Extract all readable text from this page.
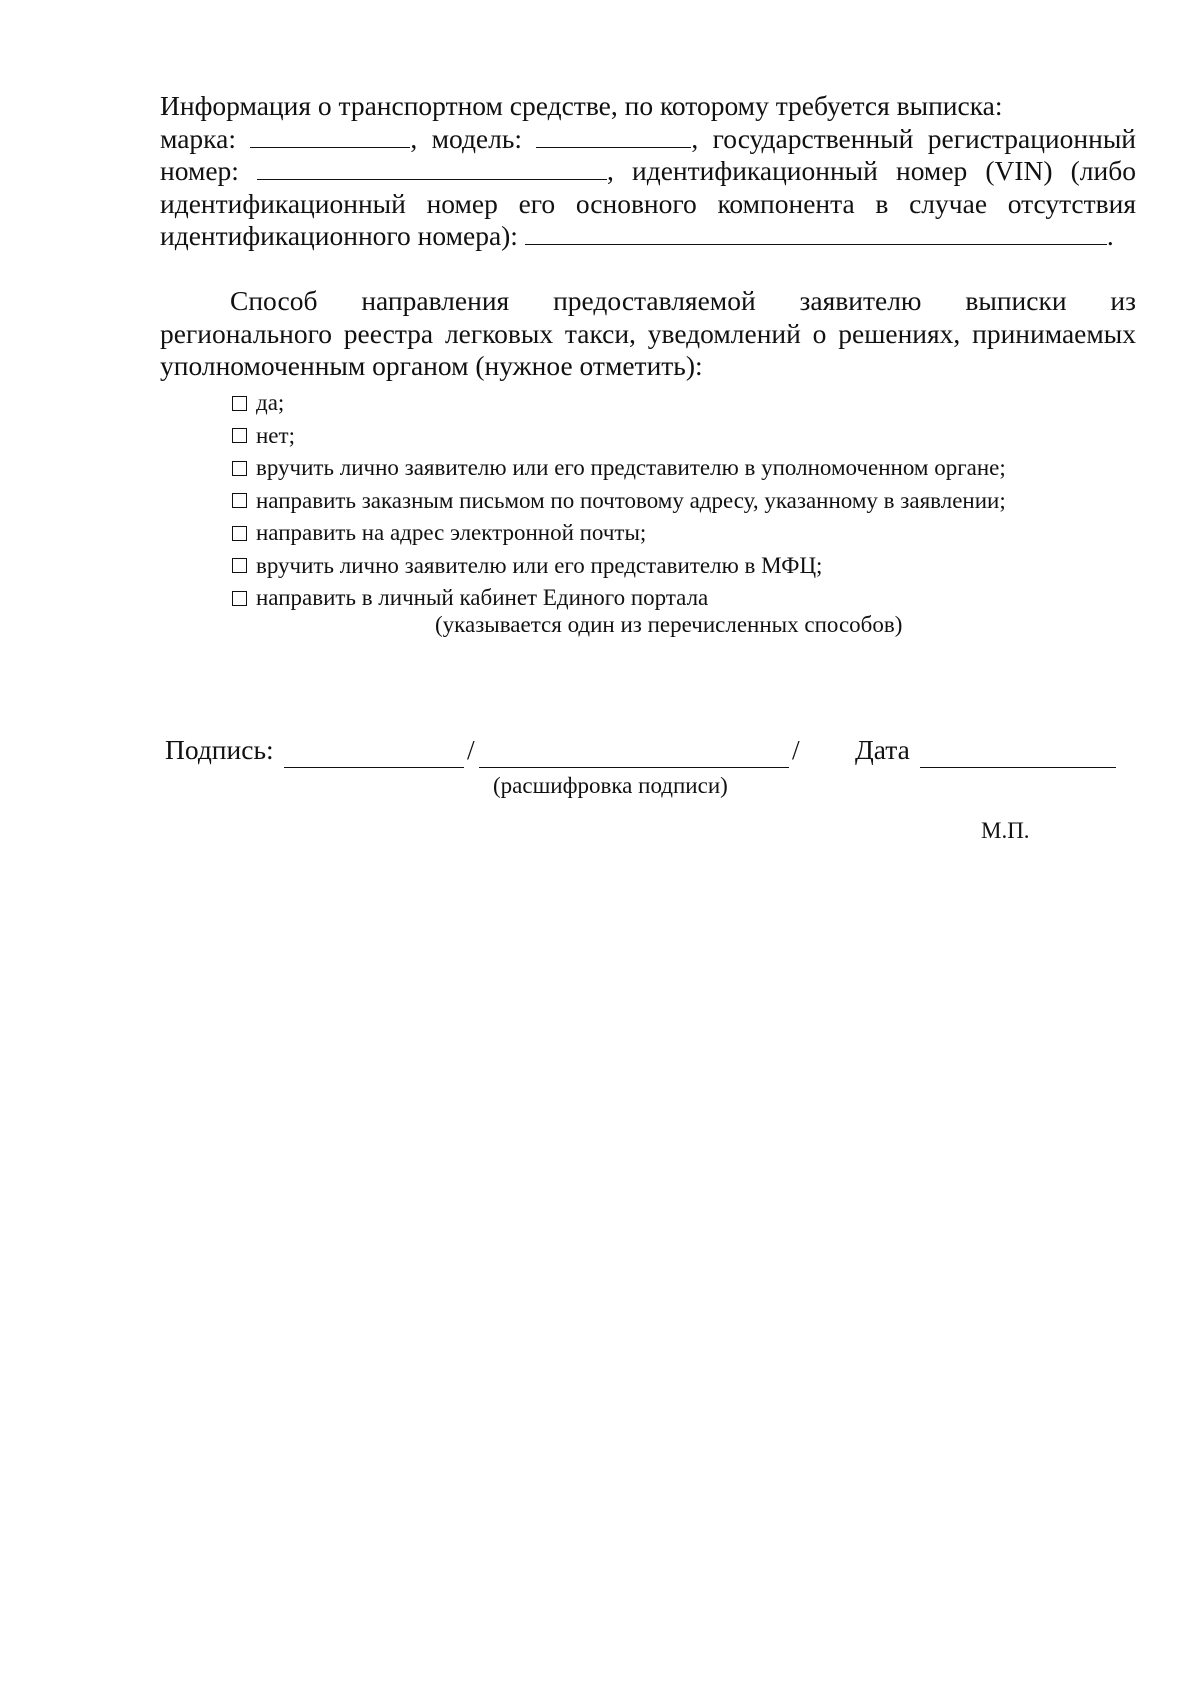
Информация о транспортном средстве, по которому требуется выписка:
марка:	, модель:	, государственный регистрационный
номер:	, идентификационный номер (VIN) (либо
идентификационный номер его основного компонента в случае отсутствия
идентификационного номера):	.
Способ направления предоставляемой заявителю выписки из
регионального реестра легковых такси, уведомлений о решениях, принимаемых
уполномоченным органом (нужное отметить):
да;
нет;
вручить лично заявителю или его представителю в уполномоченном органе;
направить заказным письмом по почтовому адресу, указанному в заявлении;
направить на адрес электронной почты;
вручить лично заявителю или его представителю в МФЦ;
направить в личный кабинет Единого портала
(указывается один из перечисленных способов)
Подпись:	/	/ Дата
(расшифровка подписи)
М.П.
